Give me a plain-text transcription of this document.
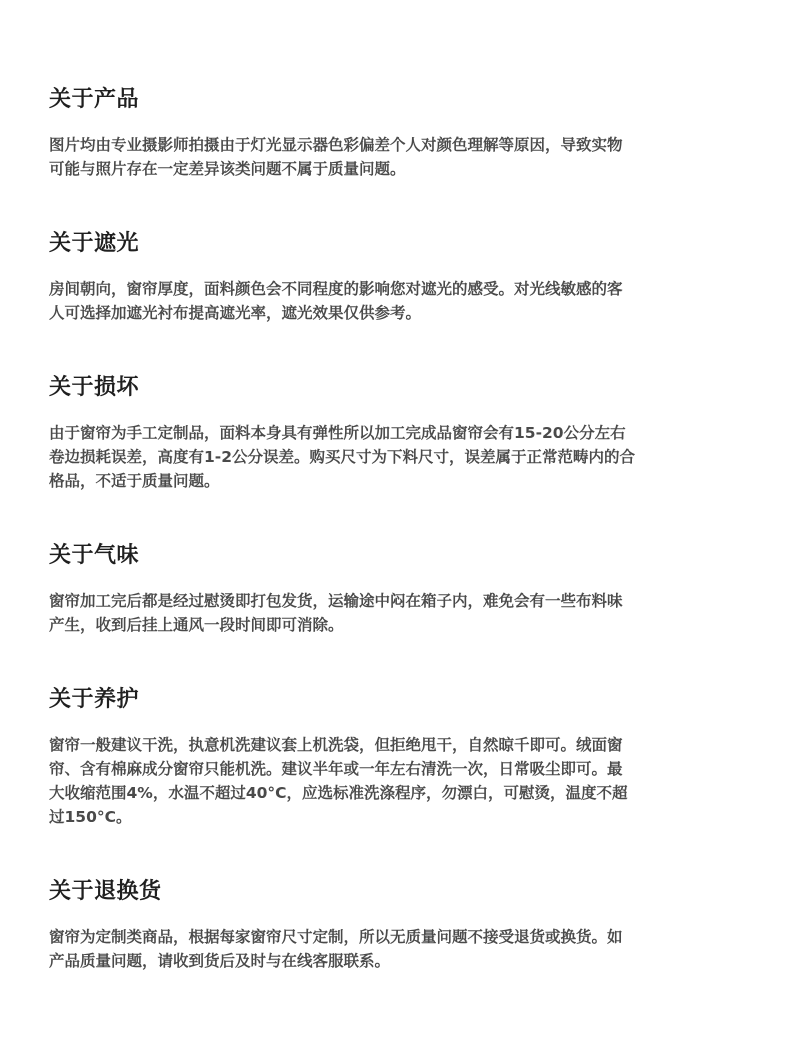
关于产品

图片均由专业摄影师拍摄由于灯光显示器色彩偏差个人对颜色理解等原因，导致实物
可能与照片存在一定差异该类问题不属于质量问题。

关于遮光

房间朝向，窗帘厚度，面料颜色会不同程度的影响您对遮光的感受。对光线敏感的客
人可选择加遮光衬布提高遮光率，遮光效果仅供参考。

关于损坏

由于窗帘为手工定制品，面料本身具有弹性所以加工完成品窗帘会有15-20公分左右
卷边损耗误差，高度有1-2公分误差。购买尺寸为下料尺寸，误差属于正常范畴内的合
格品，不适于质量问题。

关于气味

窗帘加工完后都是经过慰烫即打包发货，运输途中闷在箱子内，难免会有一些布料味
产生，收到后挂上通风一段时间即可消除。

关于养护

窗帘一般建议干洗，执意机洗建议套上机洗袋，但拒绝甩干，自然晾千即可。绒面窗
帘、含有棉麻成分窗帘只能机洗。建议半年或一年左右清洗一次，日常吸尘即可。最
大收缩范围4%，水温不超过40°C，应选标准洗涤程序，勿漂白，可慰烫，温度不超
过150°C。

关于退换货

窗帘为定制类商品，根据每家窗帘尺寸定制，所以无质量问题不接受退货或换货。如
产品质量问题，请收到货后及时与在线客服联系。
